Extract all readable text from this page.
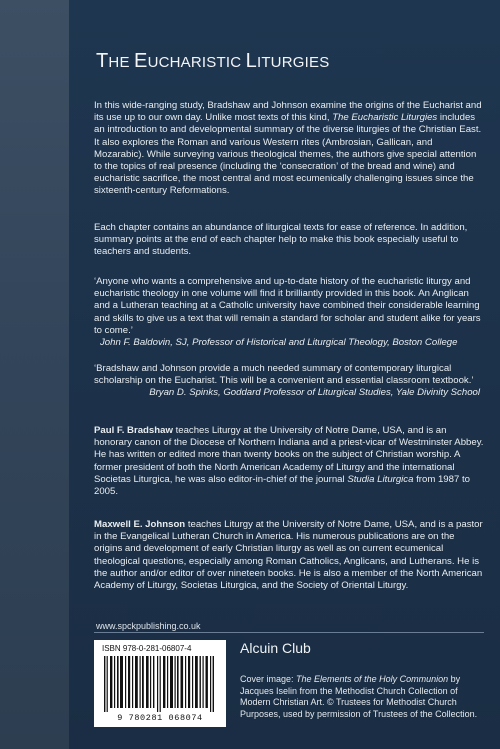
THE EUCHARISTIC LITURGIES

In this wide-ranging study, Bradshaw and Johnson examine the origins of the Eucharist and its use up to our own day. Unlike most texts of this kind, The Eucharistic Liturgies includes an introduction to and developmental summary of the diverse liturgies of the Christian East. It also explores the Roman and various Western rites (Ambrosian, Gallican, and Mozarabic). While surveying various theological themes, the authors give special attention to the topics of real presence (including the ‘consecration’ of the bread and wine) and eucharistic sacrifice, the most central and most ecumenically challenging issues since the sixteenth-century Reformations.

Each chapter contains an abundance of liturgical texts for ease of reference. In addition, summary points at the end of each chapter help to make this book especially useful to teachers and students.

‘Anyone who wants a comprehensive and up-to-date history of the eucharistic liturgy and eucharistic theology in one volume will find it brilliantly provided in this book. An Anglican and a Lutheran teaching at a Catholic university have combined their considerable learning and skills to give us a text that will remain a standard for scholar and student alike for years to come.’

John F. Baldovin, SJ, Professor of Historical and Liturgical Theology, Boston College

‘Bradshaw and Johnson provide a much needed summary of contemporary liturgical scholarship on the Eucharist. This will be a convenient and essential classroom textbook.’

Bryan D. Spinks, Goddard Professor of Liturgical Studies, Yale Divinity School

Paul F. Bradshaw teaches Liturgy at the University of Notre Dame, USA, and is an honorary canon of the Diocese of Northern Indiana and a priest-vicar of Westminster Abbey. He has written or edited more than twenty books on the subject of Christian worship. A former president of both the North American Academy of Liturgy and the international Societas Liturgica, he was also editor-in-chief of the journal Studia Liturgica from 1987 to 2005.

Maxwell E. Johnson teaches Liturgy at the University of Notre Dame, USA, and is a pastor in the Evangelical Lutheran Church in America. His numerous publications are on the origins and development of early Christian liturgy as well as on current ecumenical theological questions, especially among Roman Catholics, Anglicans, and Lutherans. He is the author and/or editor of over nineteen books. He is also a member of the North American Academy of Liturgy, Societas Liturgica, and the Society of Oriental Liturgy.

www.spckpublishing.co.uk
ISBN 978-0-281-06807-4
9 780281 068074
Alcuin Club

Cover image: The Elements of the Holy Communion by Jacques Iselin from the Methodist Church Collection of Modern Christian Art. © Trustees for Methodist Church Purposes, used by permission of Trustees of the Collection.
